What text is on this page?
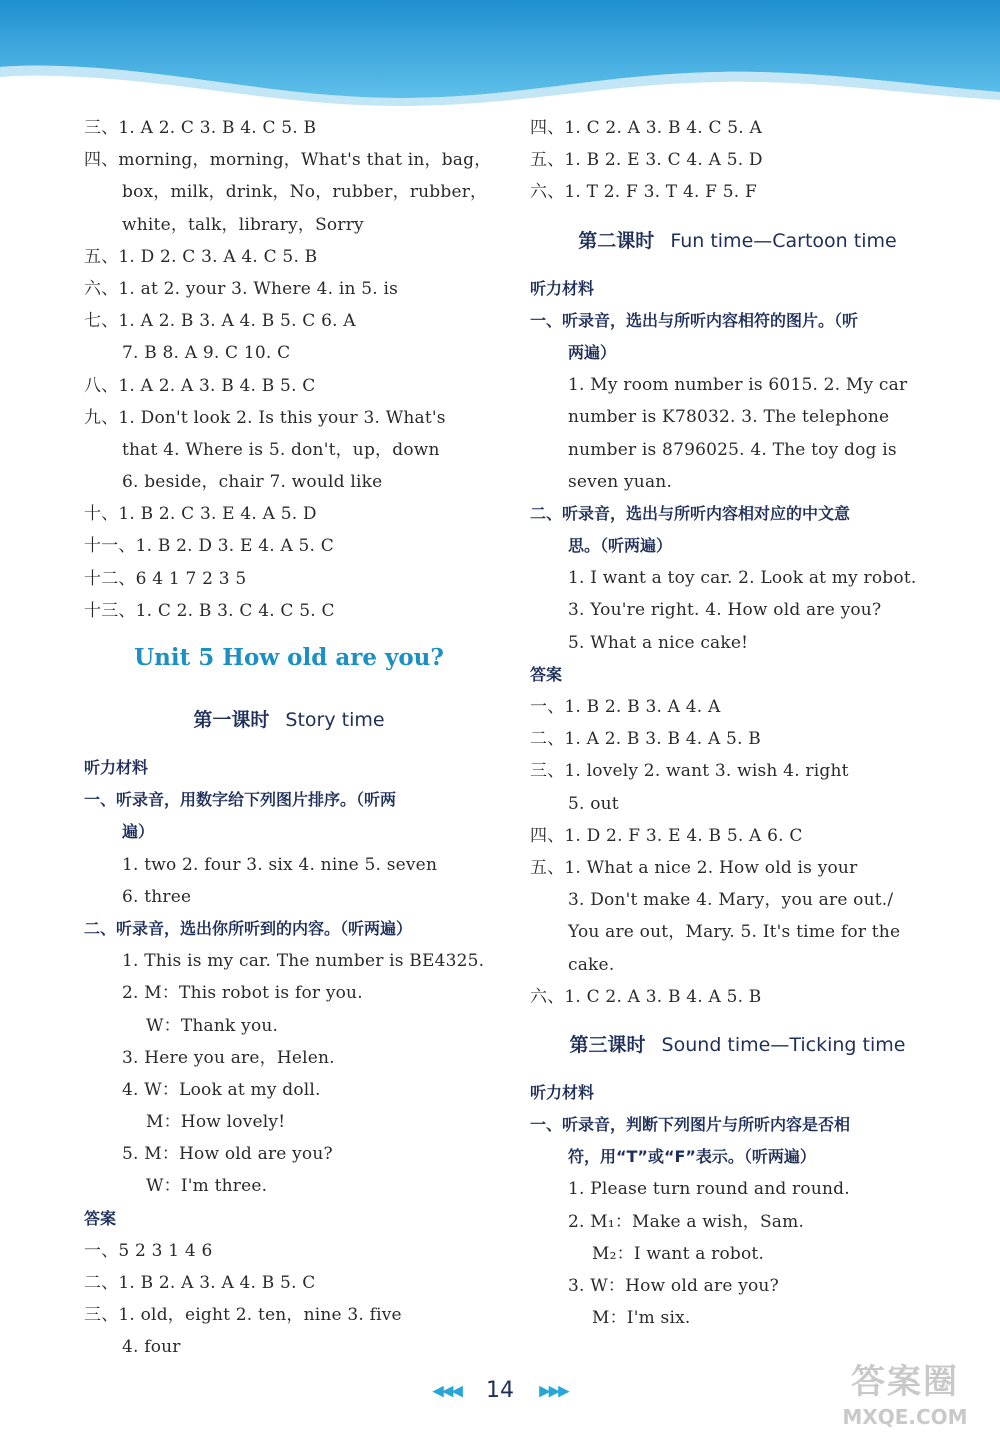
三、1. A 2. C 3. B 4. C 5. B
四、morning，morning，What's that in，bag，
box，milk，drink，No，rubber，rubber，
white，talk，library，Sorry
五、1. D 2. C 3. A 4. C 5. B
六、1. at 2. your 3. Where 4. in 5. is
七、1. A 2. B 3. A 4. B 5. C 6. A
7. B 8. A 9. C 10. C
八、1. A 2. A 3. B 4. B 5. C
九、1. Don't look 2. Is this your 3. What's
that 4. Where is 5. don't，up，down
6. beside，chair 7. would like
十、1. B 2. C 3. E 4. A 5. D
十一、1. B 2. D 3. E 4. A 5. C
十二、6 4 1 7 2 3 5
十三、1. C 2. B 3. C 4. C 5. C
Unit 5 How old are you?
第一课时 Story time
听力材料
一、听录音，用数字给下列图片排序。（听两
遍）
1. two 2. four 3. six 4. nine 5. seven
6. three
二、听录音，选出你所听到的内容。（听两遍）
1. This is my car. The number is BE4325.
2. M：This robot is for you.
W：Thank you.
3. Here you are，Helen.
4. W：Look at my doll.
M：How lovely!
5. M：How old are you?
W：I'm three.
答案
一、5 2 3 1 4 6
二、1. B 2. A 3. A 4. B 5. C
三、1. old，eight 2. ten，nine 3. five
4. four
四、1. C 2. A 3. B 4. C 5. A
五、1. B 2. E 3. C 4. A 5. D
六、1. T 2. F 3. T 4. F 5. F
第二课时 Fun time—Cartoon time
听力材料
一、听录音，选出与所听内容相符的图片。（听
两遍）
1. My room number is 6015. 2. My car
number is K78032. 3. The telephone
number is 8796025. 4. The toy dog is
seven yuan.
二、听录音，选出与所听内容相对应的中文意
思。（听两遍）
1. I want a toy car. 2. Look at my robot.
3. You're right. 4. How old are you?
5. What a nice cake!
答案
一、1. B 2. B 3. A 4. A
二、1. A 2. B 3. B 4. A 5. B
三、1. lovely 2. want 3. wish 4. right
5. out
四、1. D 2. F 3. E 4. B 5. A 6. C
五、1. What a nice 2. How old is your
3. Don't make 4. Mary，you are out./
You are out，Mary. 5. It's time for the
cake.
六、1. C 2. A 3. B 4. A 5. B
第三课时 Sound time—Ticking time
听力材料
一、听录音，判断下列图片与所听内容是否相
符，用“T”或“F”表示。（听两遍）
1. Please turn round and round.
2. M₁：Make a wish，Sam.
M₂：I want a robot.
3. W：How old are you?
M：I'm six.
◀◀◀ 14 ▶▶▶	答案圈
MXQE.COM
